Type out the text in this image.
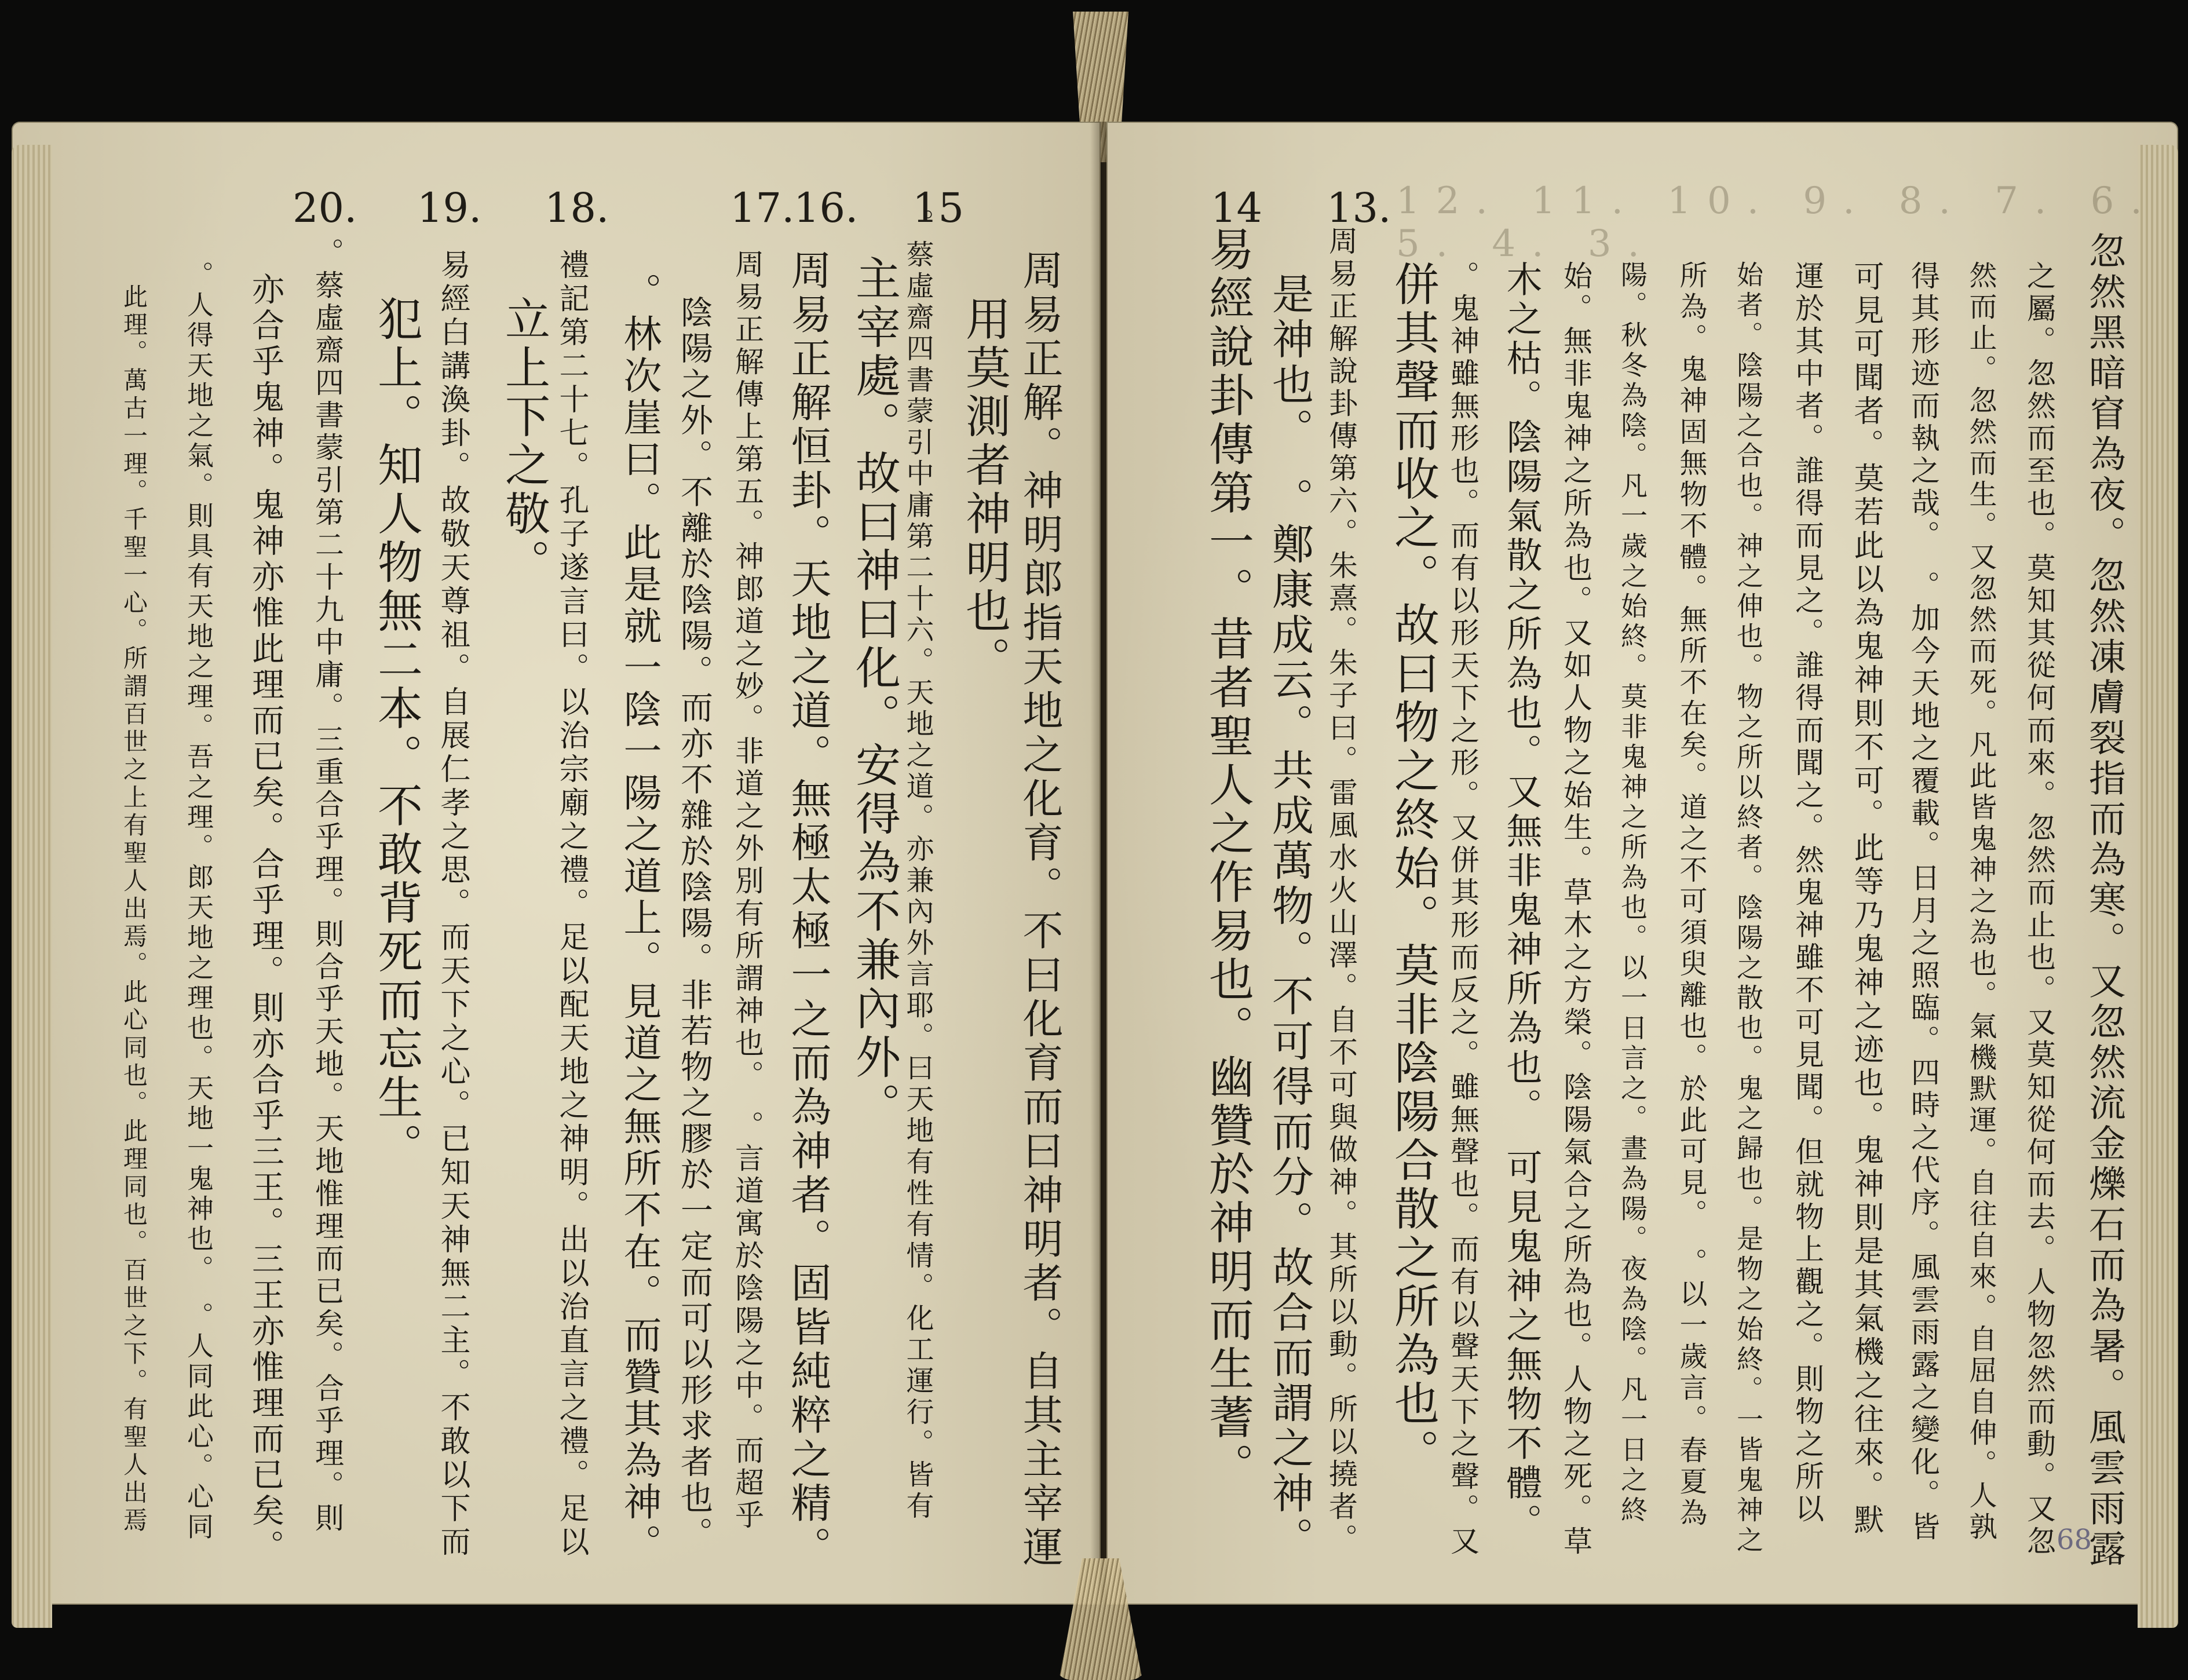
20. 19. 18.	17.
16. 15
周易正解。神明郎指天地之化育。不曰化育而曰神明者。自其主宰運
用莫測者神明也。
。蔡虛齋四書蒙引中庸第二十六。天地之道。亦兼內外言耶。曰天地有性有情。化工運行。皆有
主宰處。故曰神曰化。安得為不兼內外。
周易正解恒卦。天地之道。無極太極一之而為神者。固皆純粹之精。
周易正解傳上第五。神郎道之妙。非道之外別有所謂神也。　。言道寓於陰陽之中。而超乎
陰陽之外。不離於陰陽。而亦不雜於陰陽。非若物之膠於一定而可以形求者也。
。林次崖曰。此是就一陰一陽之道上。見道之無所不在。而贊其為神。
禮記第二十七。孔子遂言曰。以治宗廟之禮。足以配天地之神明。出以治直言之禮。足以
立上下之敬。
易經白講渙卦。故敬天尊祖。自展仁孝之思。而天下之心。已知天神無二主。不敢以下而
犯上。知人物無二本。不敢背死而忘生。
。蔡虛齋四書蒙引第二十九中庸。三重合乎理。則合乎天地。天地惟理而已矣。合乎理。則
亦合乎鬼神。鬼神亦惟此理而已矣。合乎理。則亦合乎三王。三王亦惟理而已矣。
。人得天地之氣。則具有天地之理。吾之理。郎天地之理也。天地一鬼神也。　。人同此心。心同
此理。萬古一理。千聖一心。所謂百世之上有聖人出焉。此心同也。此理同也。百世之下。有聖人出焉
12. 11. 10. 9. 8. 7. 6. 5. 4. 3.
14 13.
忽然黑暗窅為夜。忽然凍膚裂指而為寒。又忽然流金爍石而為暑。風雲雨露
之屬。忽然而至也。莫知其從何而來。忽然而止也。又莫知從何而去。人物忽然而動。又忽
然而止。忽然而生。又忽然而死。凡此皆鬼神之為也。氣機默運。自往自來。自屈自伸。人孰
得其形迹而執之哉。　。加今天地之覆載。日月之照臨。四時之代序。風雲雨露之變化。皆
可見可聞者。莫若此以為鬼神則不可。此等乃鬼神之迹也。鬼神則是其氣機之往來。默
運於其中者。誰得而見之。誰得而聞之。然鬼神雖不可見聞。但就物上觀之。則物之所以
始者。陰陽之合也。神之伸也。物之所以終者。陰陽之散也。鬼之歸也。是物之始終。一皆鬼神之
所為。鬼神固無物不體。無所不在矣。道之不可須臾離也。於此可見。　。以一歲言。春夏為
陽。秋冬為陰。凡一歲之始終。莫非鬼神之所為也。以一日言之。晝為陽。夜為陰。凡一日之終
始。無非鬼神之所為也。又如人物之始生。草木之方榮。陰陽氣合之所為也。人物之死。草
木之枯。陰陽氣散之所為也。又無非鬼神所為也。　可見鬼神之無物不體。
。鬼神雖無形也。而有以形天下之形。又併其形而反之。雖無聲也。而有以聲天下之聲。又
併其聲而收之。故曰物之終始。莫非陰陽合散之所為也。
周易正解說卦傳第六。朱熹。朱子曰。雷風水火山澤。自不可與做神。其所以動。所以撓者。
是神也。　。鄭康成云。共成萬物。不可得而分。故合而謂之神。
易經說卦傳第一。昔者聖人之作易也。幽贊於神明而生蓍。
68
